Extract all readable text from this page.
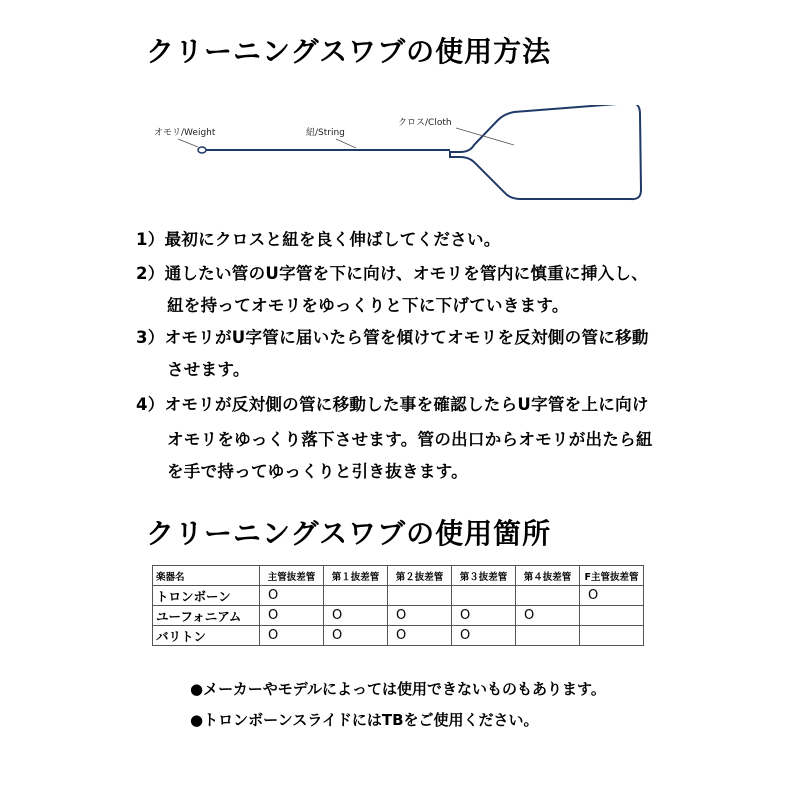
クリーニングスワブの使用方法
オモリ/Weight	紐/String
クロス/Cloth
1）最初にクロスと紐を良く伸ばしてください。
2）通したい管のU字管を下に向け、オモリを管内に慎重に挿入し、
紐を持ってオモリをゆっくりと下に下げていきます。
3）オモリがU字管に届いたら管を傾けてオモリを反対側の管に移動
させます。
4）オモリが反対側の管に移動した事を確認したらU字管を上に向け
オモリをゆっくり落下させます。管の出口からオモリが出たら紐
を手で持ってゆっくりと引き抜きます。
クリーニングスワブの使用箇所
楽器名	主管抜差管	第１抜差管	第２抜差管	第３抜差管	第４抜差管	F主管抜差管
トロンボーン	O					O
ユーフォニアム	O	O	O	O	O	
バリトン	O	O	O	O		
●メーカーやモデルによっては使用できないものもあります。
●トロンボーンスライドにはTBをご使用ください。
